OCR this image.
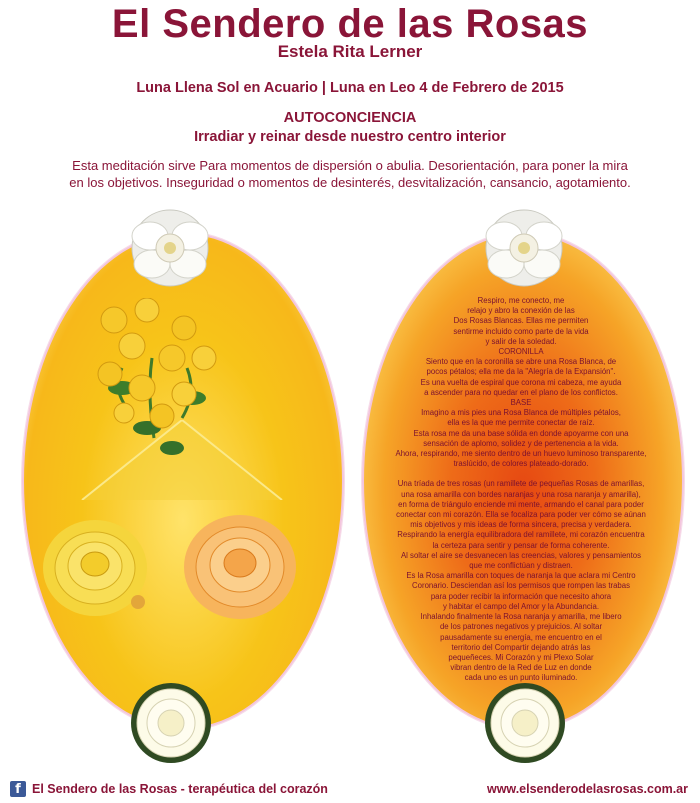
El Sendero de las Rosas
Estela Rita Lerner
Luna Llena Sol en Acuario | Luna en Leo 4 de Febrero de 2015
AUTOCONCIENCIA
Irradiar y reinar desde nuestro centro interior
Esta meditación sirve Para momentos de dispersión o abulia. Desorientación, para poner la mira
en los objetivos. Inseguridad o momentos de desinterés, desvitalización, cansancio, agotamiento.

Respiro, me conecto, me

relajo y abro la conexión de las

Dos Rosas Blancas. Ellas me permiten

sentirme incluido como parte de la vida

y salir de la soledad.

CORONILLA

Siento que en la coronilla se abre una Rosa Blanca, de

pocos pétalos; ella me da la "Alegría de la Expansión".

Es una vuelta de espiral que corona mi cabeza, me ayuda

a ascender para no quedar en el plano de los conflictos.

BASE

Imagino a mis pies una Rosa Blanca de múltiples pétalos,

ella es la que me permite conectar de raíz.

Esta rosa me da una base sólida en donde apoyarme con una

sensación de aplomo, solidez y de pertenencia a la vida.

Ahora, respirando, me siento dentro de un huevo luminoso transparente,

traslúcido, de colores plateado-dorado.

Una tríada de tres rosas (un ramillete de pequeñas Rosas de amarillas,

una rosa amarilla con bordes naranjas y una rosa naranja y amarilla),

en forma de triángulo enciende mi mente, armando el canal para poder

conectar con mi corazón. Ella se focaliza para poder ver cómo se aúnan

mis objetivos y mis ideas de forma sincera, precisa y verdadera.

Respirando la energía equilibradora del ramillete, mi corazón encuentra

la certeza para sentir y pensar de forma coherente.

Al soltar el aire se desvanecen las creencias, valores y pensamientos

que me conflictúan y distraen.

Es la Rosa amarilla con toques de naranja la que aclara mi Centro

Coronario. Desciendan así los permisos que rompen las trabas

para poder recibir la información que necesito ahora

y habitar el campo del Amor y la Abundancia.

Inhalando finalmente la Rosa naranja y amarilla, me libero

de los patrones negativos y prejuicios. Al soltar

pausadamente su energía, me encuentro en el

territorio del Compartir dejando atrás las

pequeñeces. Mi Corazón y mi Plexo Solar

vibran dentro de la Red de Luz en donde

cada uno es un punto iluminado.

f El Sendero de las Rosas - terapéutica del corazón	www.elsenderodelasrosas.com.ar
